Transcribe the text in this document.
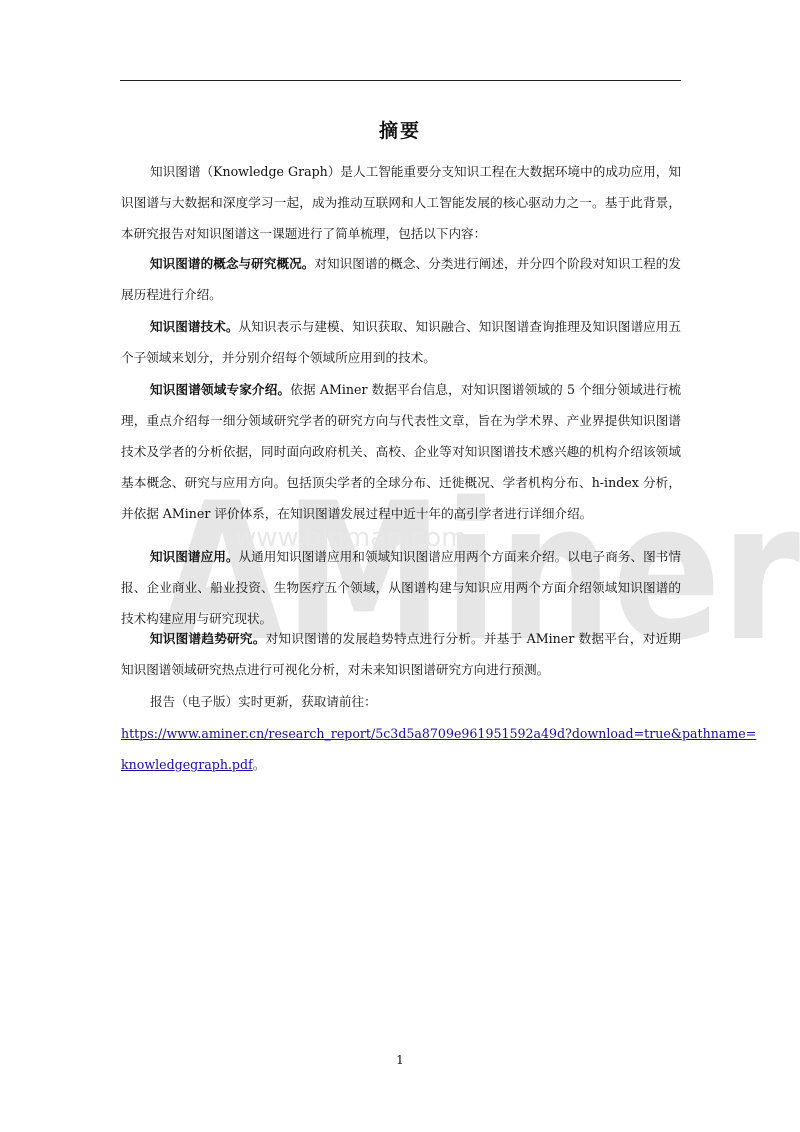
AMiner
www.bigmap.com
摘要

知识图谱（Knowledge Graph）是人工智能重要分支知识工程在大数据环境中的成功应用，知识图谱与大数据和深度学习一起，成为推动互联网和人工智能发展的核心驱动力之一。基于此背景，本研究报告对知识图谱这一课题进行了简单梳理，包括以下内容：

知识图谱的概念与研究概况。对知识图谱的概念、分类进行阐述，并分四个阶段对知识工程的发展历程进行介绍。

知识图谱技术。从知识表示与建模、知识获取、知识融合、知识图谱查询推理及知识图谱应用五个子领域来划分，并分别介绍每个领域所应用到的技术。

知识图谱领域专家介绍。依据 AMiner 数据平台信息，对知识图谱领域的 5 个细分领域进行梳理，重点介绍每一细分领域研究学者的研究方向与代表性文章，旨在为学术界、产业界提供知识图谱技术及学者的分析依据，同时面向政府机关、高校、企业等对知识图谱技术感兴趣的机构介绍该领域基本概念、研究与应用方向。包括顶尖学者的全球分布、迁徙概况、学者机构分布、h-index 分析，并依据 AMiner 评价体系，在知识图谱发展过程中近十年的高引学者进行详细介绍。

知识图谱应用。从通用知识图谱应用和领域知识图谱应用两个方面来介绍。以电子商务、图书情报、企业商业、船业投资、生物医疗五个领域，从图谱构建与知识应用两个方面介绍领域知识图谱的技术构建应用与研究现状。

知识图谱趋势研究。对知识图谱的发展趋势特点进行分析。并基于 AMiner 数据平台，对近期知识图谱领域研究热点进行可视化分析，对未来知识图谱研究方向进行预测。

报告（电子版）实时更新，获取请前往：

https://www.aminer.cn/research_report/5c3d5a8709e961951592a49d?download=true&pathname=
knowledgegraph.pdf。
1
